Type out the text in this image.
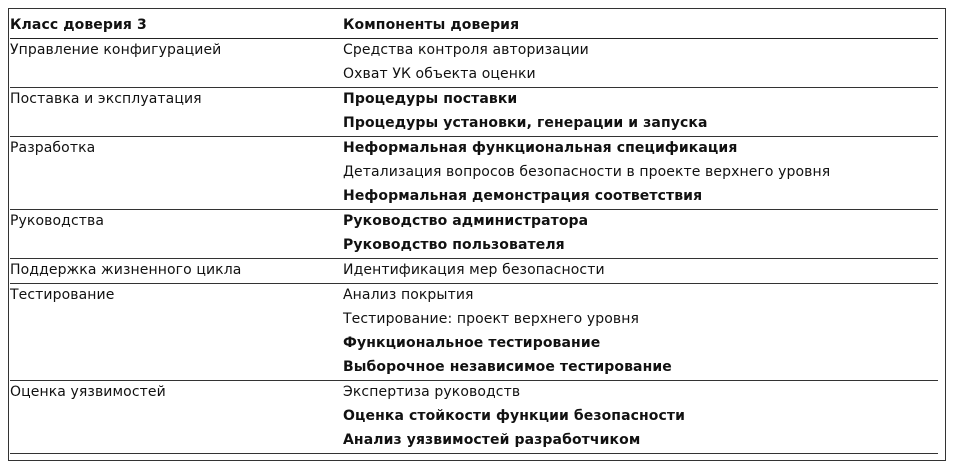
Класс доверия 3	Компоненты доверия

Управление конфигурацией	Средства контроля авторизации
Охват УК объекта оценки

Поставка и эксплуатация	Процедуры поставки
Процедуры установки, генерации и запуска

Разработка	Неформальная функциональная спецификация
Детализация вопросов безопасности в проекте верхнего уровня
Неформальная демонстрация соответствия

Руководства	Руководство администратора
Руководство пользователя

Поддержка жизненного цикла	Идентификация мер безопасности

Тестирование	Анализ покрытия
Тестирование: проект верхнего уровня
Функциональное тестирование
Выборочное независимое тестирование

Оценка уязвимостей	Экспертиза руководств
Оценка стойкости функции безопасности
Анализ уязвимостей разработчиком
